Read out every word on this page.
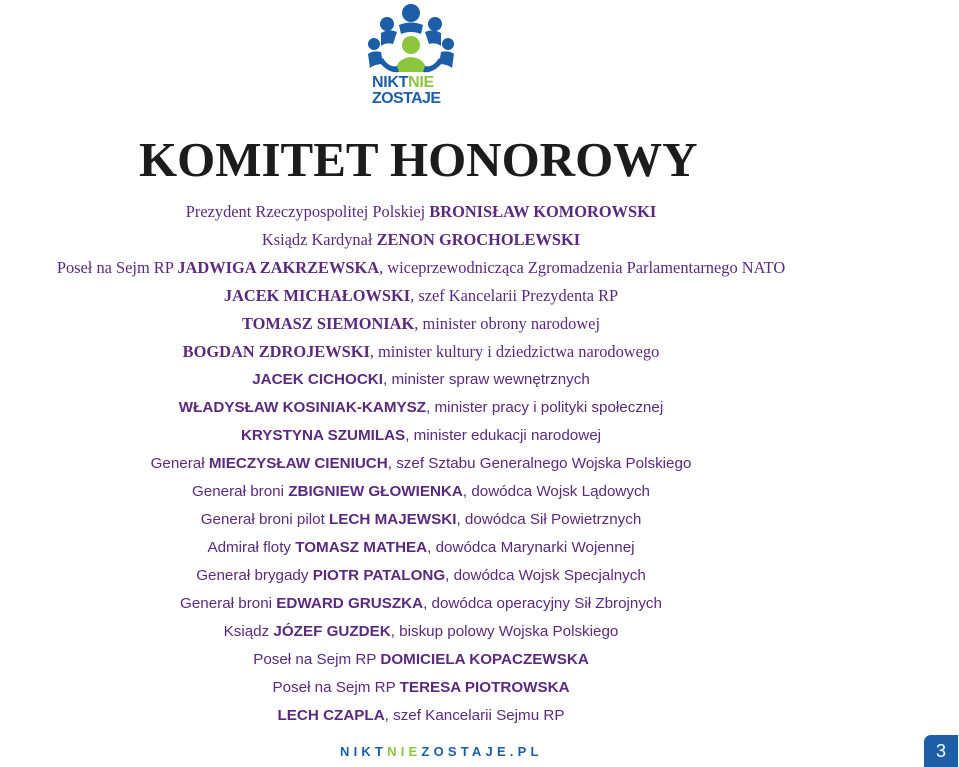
NIKTNIE
ZOSTAJE
KOMITET HONOROWY
Prezydent Rzeczypospolitej Polskiej BRONISŁAW KOMOROWSKI
Ksiądz Kardynał ZENON GROCHOLEWSKI
Poseł na Sejm RP JADWIGA ZAKRZEWSKA, wiceprzewodnicząca Zgromadzenia Parlamentarnego NATO
JACEK MICHAŁOWSKI, szef Kancelarii Prezydenta RP
TOMASZ SIEMONIAK, minister obrony narodowej
BOGDAN ZDROJEWSKI, minister kultury i dziedzictwa narodowego
JACEK CICHOCKI, minister spraw wewnętrznych
WŁADYSŁAW KOSINIAK-KAMYSZ, minister pracy i polityki społecznej
KRYSTYNA SZUMILAS, minister edukacji narodowej
Generał MIECZYSŁAW CIENIUCH, szef Sztabu Generalnego Wojska Polskiego
Generał broni ZBIGNIEW GŁOWIENKA, dowódca Wojsk Lądowych
Generał broni pilot LECH MAJEWSKI, dowódca Sił Powietrznych
Admirał floty TOMASZ MATHEA, dowódca Marynarki Wojennej
Generał brygady PIOTR PATALONG, dowódca Wojsk Specjalnych
Generał broni EDWARD GRUSZKA, dowódca operacyjny Sił Zbrojnych
Ksiądz JÓZEF GUZDEK, biskup polowy Wojska Polskiego
Poseł na Sejm RP DOMICIELA KOPACZEWSKA
Poseł na Sejm RP TERESA PIOTROWSKA
LECH CZAPLA, szef Kancelarii Sejmu RP
NIKTNIEZOSTAJE.PL	3
